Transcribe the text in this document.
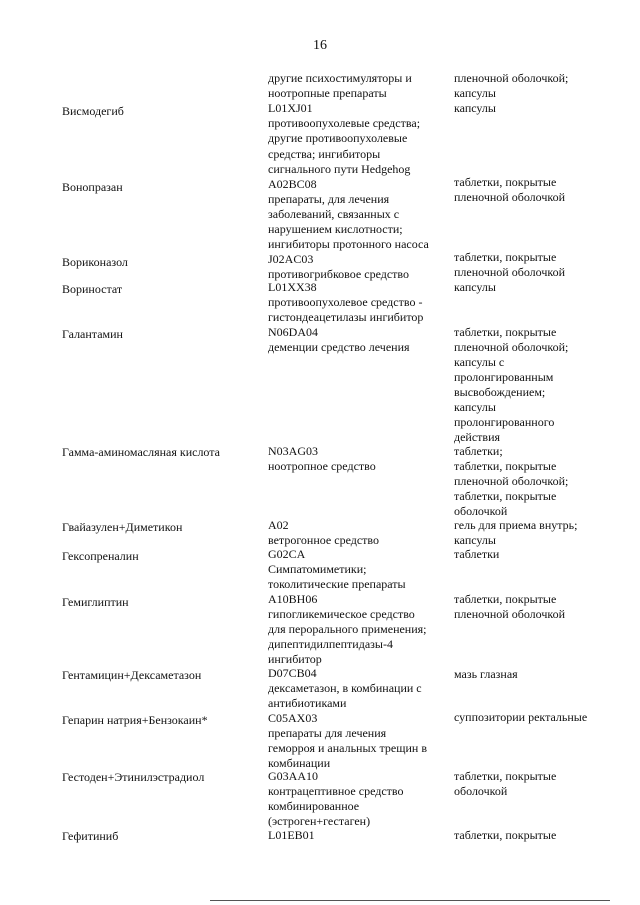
16
Висмодегиб
Вонопразан
Вориконазол
Вориностат
Галантамин
Гамма-аминомасляная кислота
Гвайазулен+Диметикон
Гексопреналин
Гемиглиптин
Гентамицин+Дексаметазон
Гепарин натрия+Бензокаин*
Гестоден+Этинилэстрадиол
Гефитиниб
другие психостимуляторы и
ноотропные препараты
L01XJ01
противоопухолевые средства;
другие противоопухолевые
средства; ингибиторы
сигнального пути Hedgehog
A02BC08
препараты, для лечения
заболеваний, связанных с
нарушением кислотности;
ингибиторы протонного насоса
J02AC03
противогрибковое средство
L01XX38
противоопухолевое средство -
гистондеацетилазы ингибитор
N06DA04
деменции средство лечения
N03AG03
ноотропное средство
A02
ветрогонное средство
G02CA
Симпатомиметики;
токолитические препараты
A10BH06
гипогликемическое средство
для перорального применения;
дипептидилпептидазы-4
ингибитор
D07CB04
дексаметазон, в комбинации с
антибиотиками
C05AX03
препараты для лечения
геморроя и анальных трещин в
комбинации
G03AA10
контрацептивное средство
комбинированное
(эстроген+гестаген)
L01EB01
пленочной оболочкой;
капсулы
капсулы
таблетки, покрытые
пленочной оболочкой
таблетки, покрытые
пленочной оболочкой
капсулы
таблетки, покрытые
пленочной оболочкой;
капсулы с
пролонгированным
высвобождением;
капсулы
пролонгированного
действия
таблетки;
таблетки, покрытые
пленочной оболочкой;
таблетки, покрытые
оболочкой
гель для приема внутрь;
капсулы
таблетки
таблетки, покрытые
пленочной оболочкой
мазь глазная
суппозитории ректальные
таблетки, покрытые
оболочкой
таблетки, покрытые
